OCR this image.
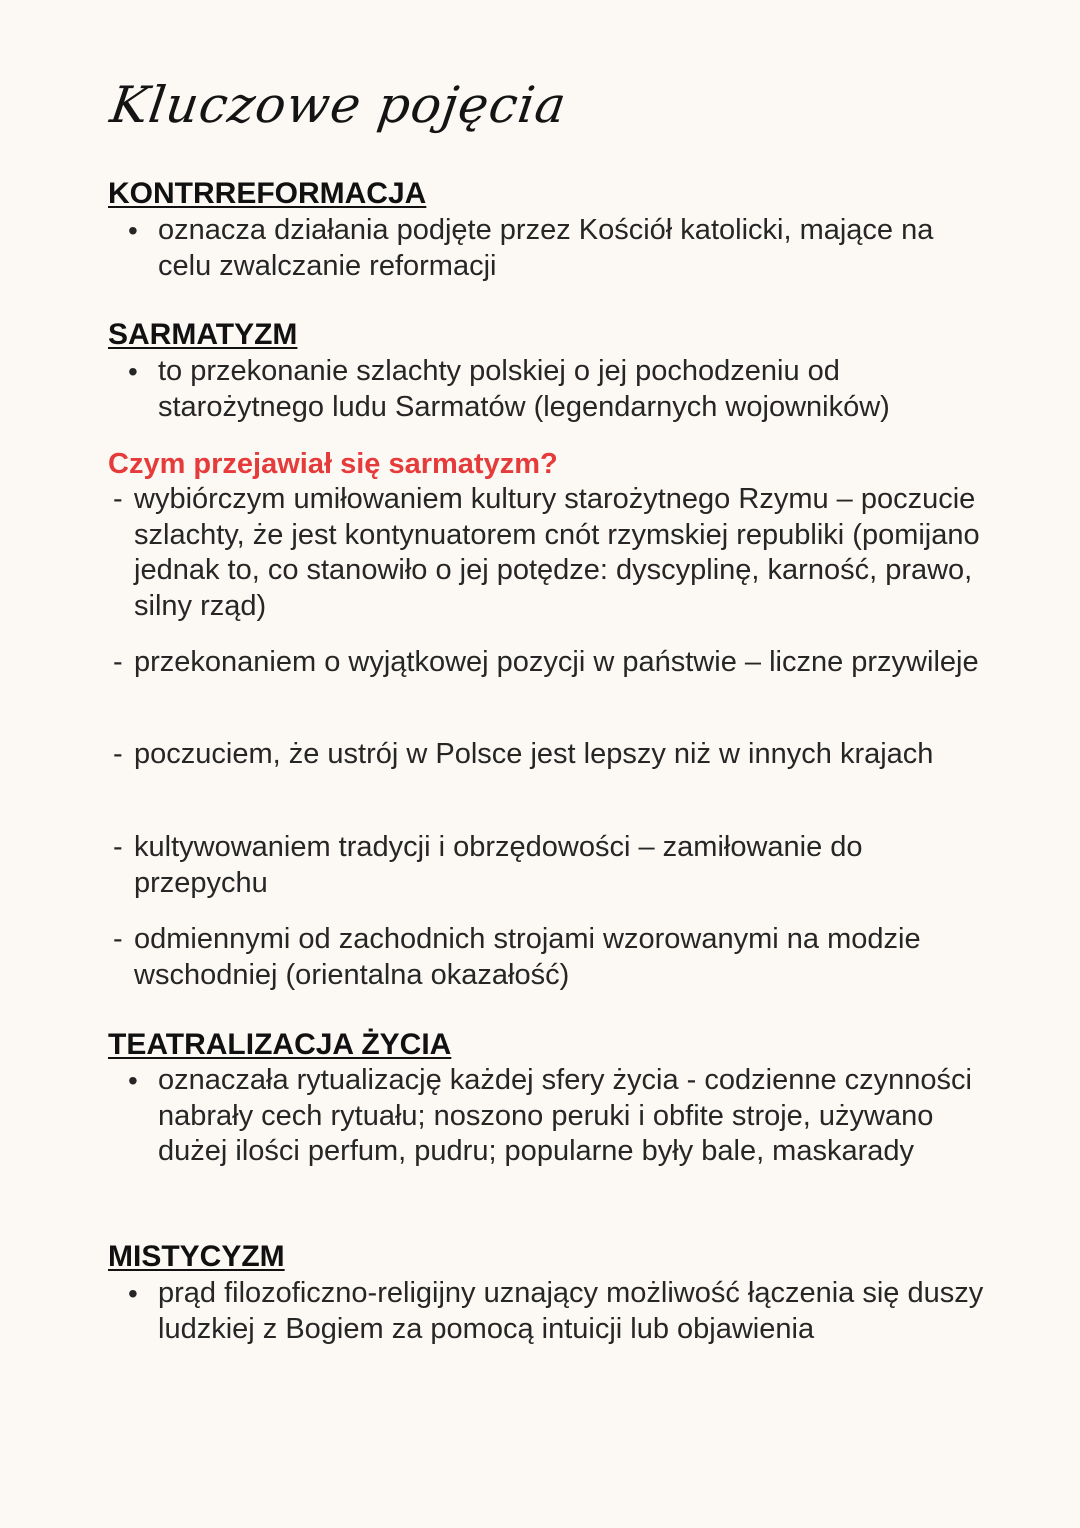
Kluczowe pojęcia
KONTRREFORMACJA
• oznacza działania podjęte przez Kościół katolicki, mające na celu zwalczanie reformacji
SARMATYZM
• to przekonanie szlachty polskiej o jej pochodzeniu od starożytnego ludu Sarmatów (legendarnych wojowników)
Czym przejawiał się sarmatyzm?
- wybiórczym umiłowaniem kultury starożytnego Rzymu – poczucie szlachty, że jest kontynuatorem cnót rzymskiej republiki (pomijano jednak to, co stanowiło o jej potędze: dyscyplinę, karność, prawo, silny rząd)
- przekonaniem o wyjątkowej pozycji w państwie – liczne przywileje
- poczuciem, że ustrój w Polsce jest lepszy niż w innych krajach
- kultywowaniem tradycji i obrzędowości – zamiłowanie do przepychu
- odmiennymi od zachodnich strojami wzorowanymi na modzie wschodniej (orientalna okazałość)
TEATRALIZACJA ŻYCIA
• oznaczała rytualizację każdej sfery życia - codzienne czynności nabrały cech rytuału; noszono peruki i obfite stroje, używano dużej ilości perfum, pudru; popularne były bale, maskarady
MISTYCYZM
• prąd filozoficzno-religijny uznający możliwość łączenia się duszy ludzkiej z Bogiem za pomocą intuicji lub objawienia
